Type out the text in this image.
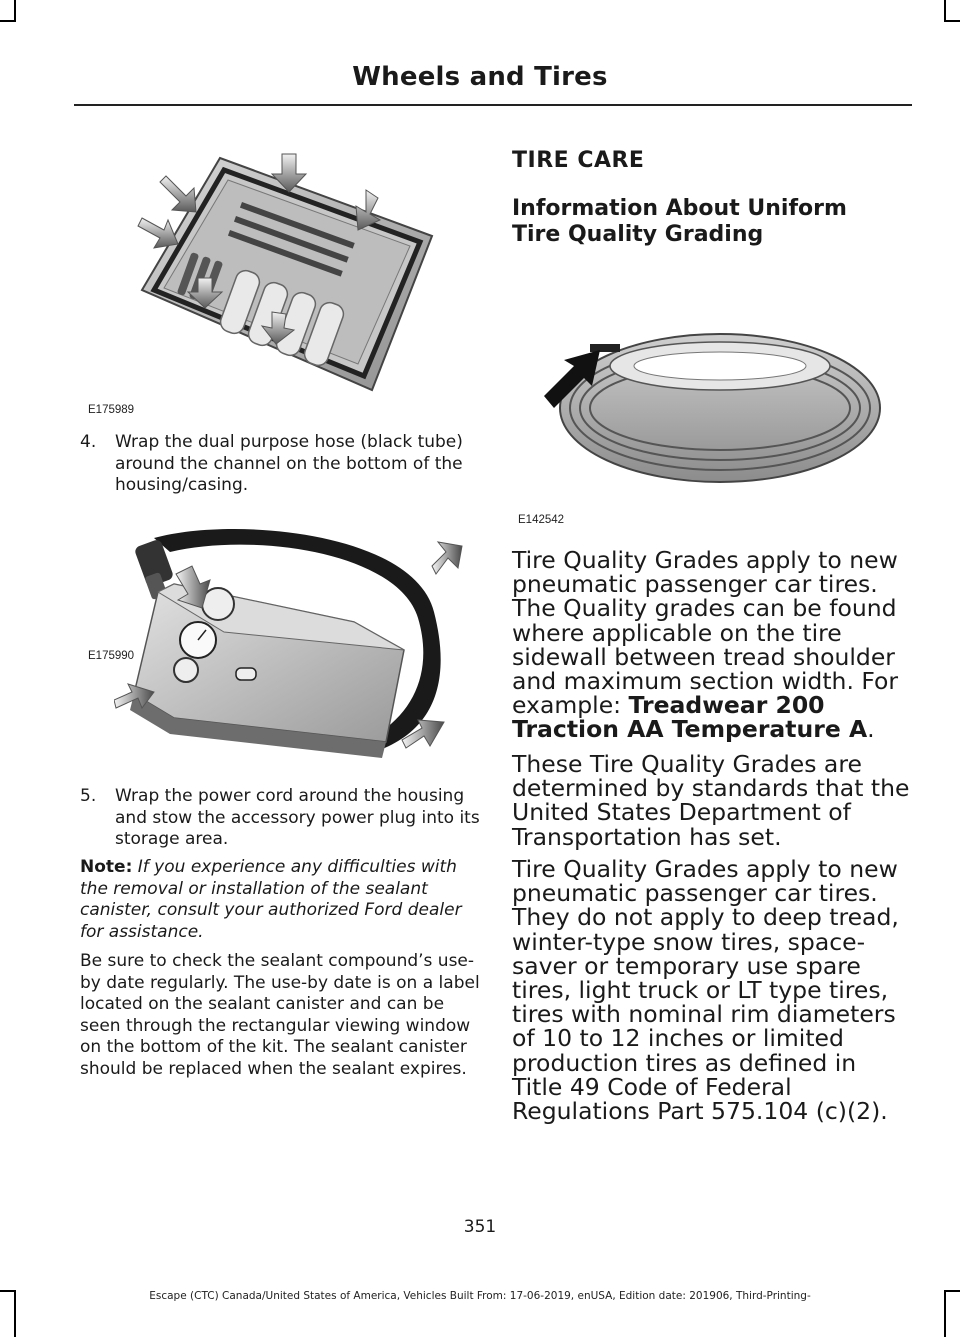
Wheels and Tires
E175989
4. Wrap the dual purpose hose (black tube) around the channel on the bottom of the housing/casing.
E175990
5. Wrap the power cord around the housing and stow the accessory power plug into its storage area.
Note: If you experience any difficulties with the removal or installation of the sealant canister, consult your authorized Ford dealer for assistance.
Be sure to check the sealant compound’s use-by date regularly. The use-by date is on a label located on the sealant canister and can be seen through the rectangular viewing window on the bottom of the kit. The sealant canister should be replaced when the sealant expires.
TIRE CARE
Information About Uniform Tire Quality Grading
E142542
Tire Quality Grades apply to new pneumatic passenger car tires. The Quality grades can be found where applicable on the tire sidewall between tread shoulder and maximum section width. For example: Treadwear 200 Traction AA Temperature A.
These Tire Quality Grades are determined by standards that the United States Department of Transportation has set.
Tire Quality Grades apply to new pneumatic passenger car tires. They do not apply to deep tread, winter-type snow tires, space-saver or temporary use spare tires, light truck or LT type tires, tires with nominal rim diameters of 10 to 12 inches or limited production tires as defined in Title 49 Code of Federal Regulations Part 575.104 (c)(2).
351
Escape (CTC) Canada/United States of America, Vehicles Built From: 17-06-2019, enUSA, Edition date: 201906, Third-Printing-
